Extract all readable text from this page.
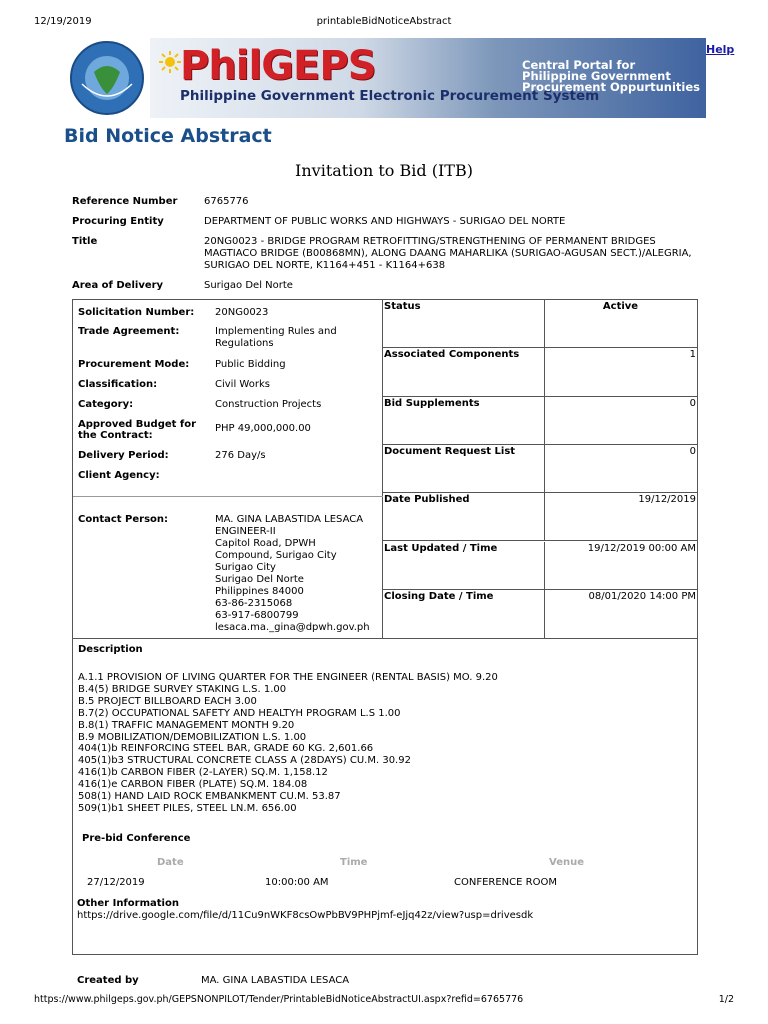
12/19/2019	printableBidNoticeAbstract
PhilGEPS
Philippine Government Electronic Procurement System
Central Portal for
Philippine Government
Procurement Oppurtunities
Help
Bid Notice Abstract
Invitation to Bid (ITB)
Reference Number	6765776
Procuring Entity	DEPARTMENT OF PUBLIC WORKS AND HIGHWAYS - SURIGAO DEL NORTE
Title	20NG0023 - BRIDGE PROGRAM RETROFITTING/STRENGTHENING OF PERMANENT BRIDGES MAGTIACO BRIDGE (B00868MN), ALONG DAANG MAHARLIKA (SURIGAO-AGUSAN SECT.)/ALEGRIA, SURIGAO DEL NORTE, K1164+451 - K1164+638
Area of Delivery	Surigao Del Norte
Solicitation Number:	20NG0023
Trade Agreement:	Implementing Rules and Regulations
Procurement Mode:	Public Bidding
Classification:	Civil Works
Category:	Construction Projects
Approved Budget for the Contract:
PHP 49,000,000.00
Delivery Period:	276 Day/s
Client Agency:
Contact Person:	MA. GINA LABASTIDA LESACA
ENGINEER-II
Capitol Road, DPWH
Compound, Surigao City
Surigao City
Surigao Del Norte
Philippines 84000
63-86-2315068
63-917-6800799
lesaca.ma._gina@dpwh.gov.ph
Status	Active
Associated Components	1
Bid Supplements	0
Document Request List	0
Date Published	19/12/2019
Last Updated / Time	19/12/2019 00:00 AM
Closing Date / Time	08/01/2020 14:00 PM
Description
A.1.1 PROVISION OF LIVING QUARTER FOR THE ENGINEER (RENTAL BASIS) MO. 9.20
B.4(5) BRIDGE SURVEY STAKING L.S. 1.00
B.5 PROJECT BILLBOARD EACH 3.00
B.7(2) OCCUPATIONAL SAFETY AND HEALTYH PROGRAM L.S 1.00
B.8(1) TRAFFIC MANAGEMENT MONTH 9.20
B.9 MOBILIZATION/DEMOBILIZATION L.S. 1.00
404(1)b REINFORCING STEEL BAR, GRADE 60 KG. 2,601.66
405(1)b3 STRUCTURAL CONCRETE CLASS A (28DAYS) CU.M. 30.92
416(1)b CARBON FIBER (2-LAYER) SQ.M. 1,158.12
416(1)e CARBON FIBER (PLATE) SQ.M. 184.08
508(1) HAND LAID ROCK EMBANKMENT CU.M. 53.87
509(1)b1 SHEET PILES, STEEL LN.M. 656.00
Pre-bid Conference
Date	Time	Venue
27/12/2019	10:00:00 AM	CONFERENCE ROOM
Other Information
https://drive.google.com/file/d/11Cu9nWKF8csOwPbBV9PHPjmf-eJjq42z/view?usp=drivesdk
Created by	MA. GINA LABASTIDA LESACA
https://www.philgeps.gov.ph/GEPSNONPILOT/Tender/PrintableBidNoticeAbstractUI.aspx?refid=6765776	1/2
